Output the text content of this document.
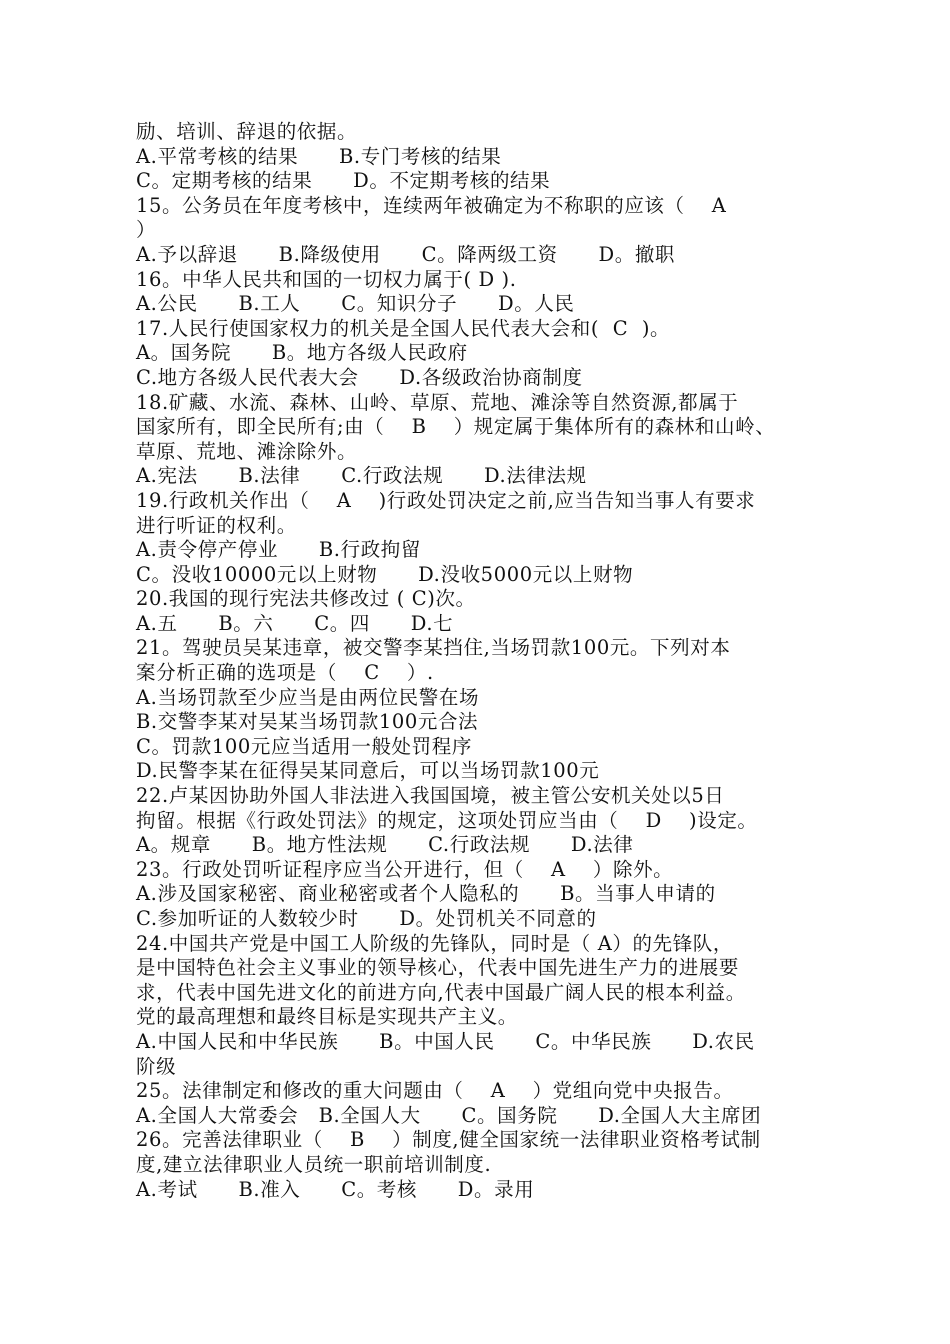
励、培训、辞退的依据。
A.平常考核的结果      B.专门考核的结果
C。定期考核的结果      D。不定期考核的结果
15。公务员在年度考核中，连续两年被确定为不称职的应该（    A
）
A.予以辞退      B.降级使用      C。降两级工资      D。撤职
16。中华人民共和国的一切权力属于( D ).
A.公民      B.工人      C。知识分子      D。人民
17.人民行使国家权力的机关是全国人民代表大会和(  C  )。
A。国务院      B。地方各级人民政府
C.地方各级人民代表大会      D.各级政治协商制度
18.矿藏、水流、森林、山岭、草原、荒地、滩涂等自然资源,都属于
国家所有，即全民所有;由（    B    ）规定属于集体所有的森林和山岭、
草原、荒地、滩涂除外。
A.宪法      B.法律      C.行政法规      D.法律法规
19.行政机关作出（    A    )行政处罚决定之前,应当告知当事人有要求
进行听证的权利。
A.责令停产停业      B.行政拘留
C。没收10000元以上财物      D.没收5000元以上财物
20.我国的现行宪法共修改过 ( C)次。
A.五      B。六      C。四      D.七
21。驾驶员吴某违章，被交警李某挡住,当场罚款100元。下列对本
案分析正确的选项是（    C    ）.
A.当场罚款至少应当是由两位民警在场
B.交警李某对吴某当场罚款100元合法
C。罚款100元应当适用一般处罚程序
D.民警李某在征得吴某同意后，可以当场罚款100元
22.卢某因协助外国人非法进入我国国境，被主管公安机关处以5日
拘留。根据《行政处罚法》的规定，这项处罚应当由（    D    )设定。
A。规章      B。地方性法规      C.行政法规      D.法律
23。行政处罚听证程序应当公开进行，但（    A    ）除外。
A.涉及国家秘密、商业秘密或者个人隐私的      B。当事人申请的
C.参加听证的人数较少时      D。处罚机关不同意的
24.中国共产党是中国工人阶级的先锋队，同时是（ A）的先锋队，
是中国特色社会主义事业的领导核心，代表中国先进生产力的进展要
求，代表中国先进文化的前进方向,代表中国最广阔人民的根本利益。
党的最高理想和最终目标是实现共产主义。
A.中国人民和中华民族      B。中国人民      C。中华民族      D.农民
阶级
25。法律制定和修改的重大问题由（    A    ）党组向党中央报告。
A.全国人大常委会   B.全国人大      C。国务院      D.全国人大主席团
26。完善法律职业（    B    ）制度,健全国家统一法律职业资格考试制
度,建立法律职业人员统一职前培训制度.
A.考试      B.准入      C。考核      D。录用
